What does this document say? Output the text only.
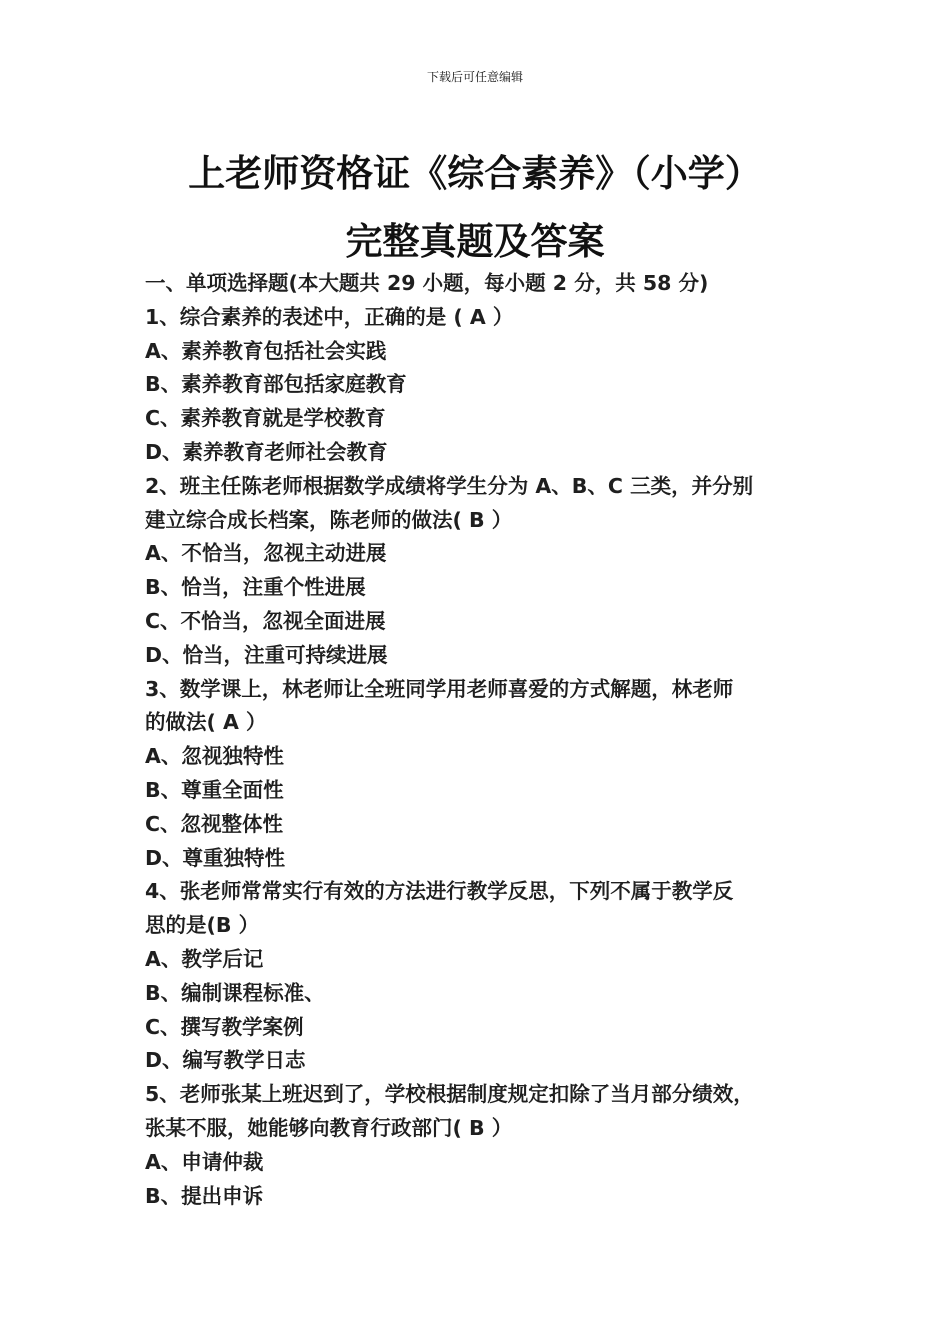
下载后可任意编辑
上老师资格证《综合素养》（小学）
完整真题及答案
一、单项选择题(本大题共 29 小题，每小题 2 分，共 58 分)
1、综合素养的表述中，正确的是 ( A ）
A、素养教育包括社会实践
B、素养教育部包括家庭教育
C、素养教育就是学校教育
D、素养教育老师社会教育
2、班主任陈老师根据数学成绩将学生分为 A、B、C 三类，并分别
建立综合成长档案，陈老师的做法( B ）
A、不恰当，忽视主动进展
B、恰当，注重个性进展
C、不恰当，忽视全面进展
D、恰当，注重可持续进展
3、数学课上，林老师让全班同学用老师喜爱的方式解题，林老师
的做法( A ）
A、忽视独特性
B、尊重全面性
C、忽视整体性
D、尊重独特性
4、张老师常常实行有效的方法进行教学反思，下列不属于教学反
思的是(B ）
A、教学后记
B、编制课程标准、
C、撰写教学案例
D、编写教学日志
5、老师张某上班迟到了，学校根据制度规定扣除了当月部分绩效，
张某不服，她能够向教育行政部门( B ）
A、申请仲裁
B、提出申诉
